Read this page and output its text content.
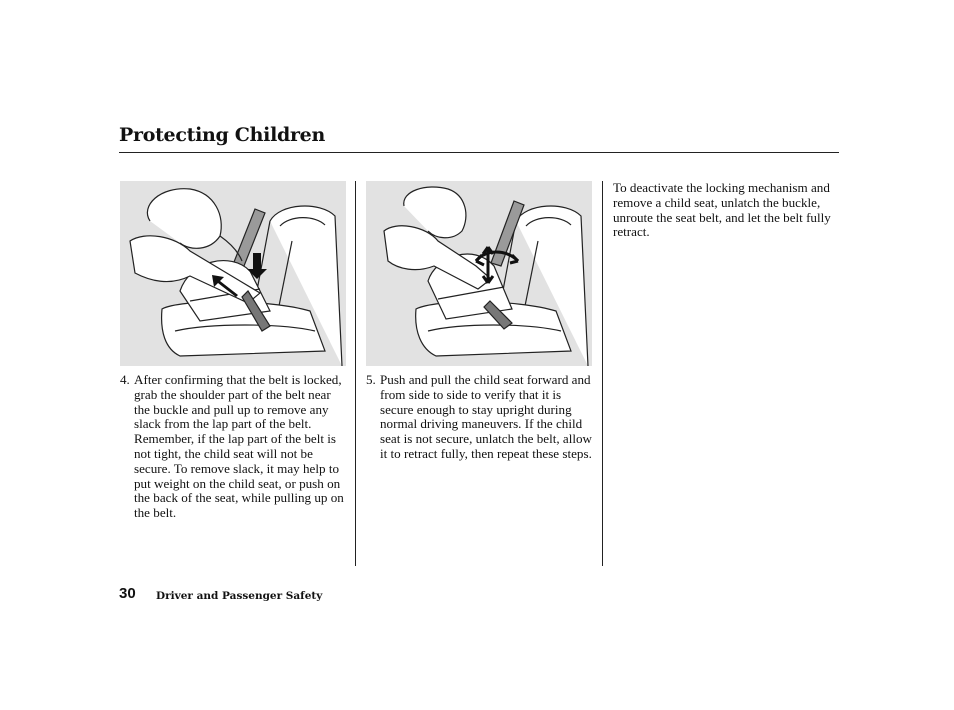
Protecting Children
4. After confirming that the belt is locked, grab the shoulder part of the belt near the buckle and pull up to remove any slack from the lap part of the belt. Remember, if the lap part of the belt is not tight, the child seat will not be secure. To remove slack, it may help to put weight on the child seat, or push on the back of the seat, while pulling up on the belt.
5. Push and pull the child seat forward and from side to side to verify that it is secure enough to stay upright during normal driving maneuvers. If the child seat is not secure, unlatch the belt, allow it to retract fully, then repeat these steps.
To deactivate the locking mechanism and remove a child seat, unlatch the buckle, unroute the seat belt, and let the belt fully retract.
30 Driver and Passenger Safety
